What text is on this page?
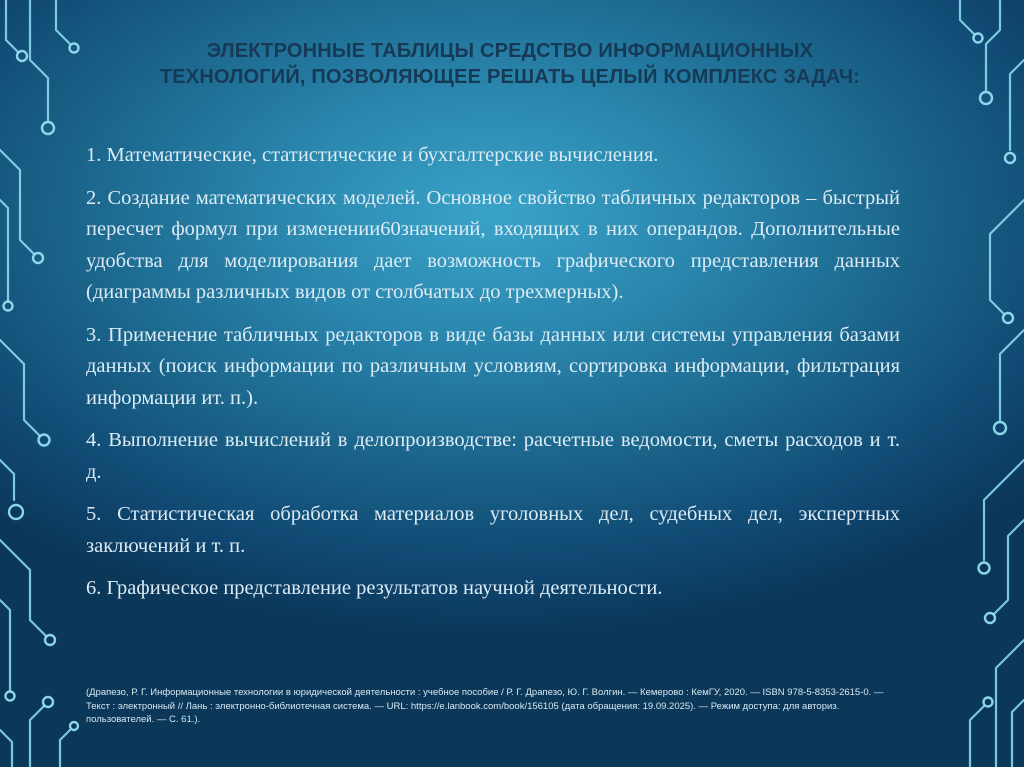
ЭЛЕКТРОННЫЕ ТАБЛИЦЫ СРЕДСТВО ИНФОРМАЦИОННЫХ
ТЕХНОЛОГИЙ, ПОЗВОЛЯЮЩЕЕ РЕШАТЬ ЦЕЛЫЙ КОМПЛЕКС ЗАДАЧ:

1. Математические, статистические и бухгалтерские вычисления.

2. Создание математических моделей. Основное свойство табличных редакторов – быстрый пересчет формул при изменении60значений, входящих в них операндов. Дополнительные удобства для моделирования дает возможность графического представления данных (диаграммы различных видов от столбчатых до трехмерных).

3. Применение табличных редакторов в виде базы данных или системы управления базами данных (поиск информации по различным условиям, сортировка информации, фильтрация информации ит. п.).

4. Выполнение вычислений в делопроизводстве: расчетные ведомости, сметы расходов и т. д.

5. Статистическая обработка материалов уголовных дел, судебных дел, экспертных заключений и т. п.

6. Графическое представление результатов научной деятельности.

(Драпезо, Р. Г. Информационные технологии в юридической деятельности : учебное пособие / Р. Г. Драпезо, Ю. Г. Волгин. — Кемерово : КемГУ, 2020. — ISBN 978-5-8353-2615-0. — Текст : электронный // Лань : электронно-библиотечная система. — URL: https://e.lanbook.com/book/156105 (дата обращения: 19.09.2025). — Режим доступа: для авториз. пользователей. — С. 61.).
